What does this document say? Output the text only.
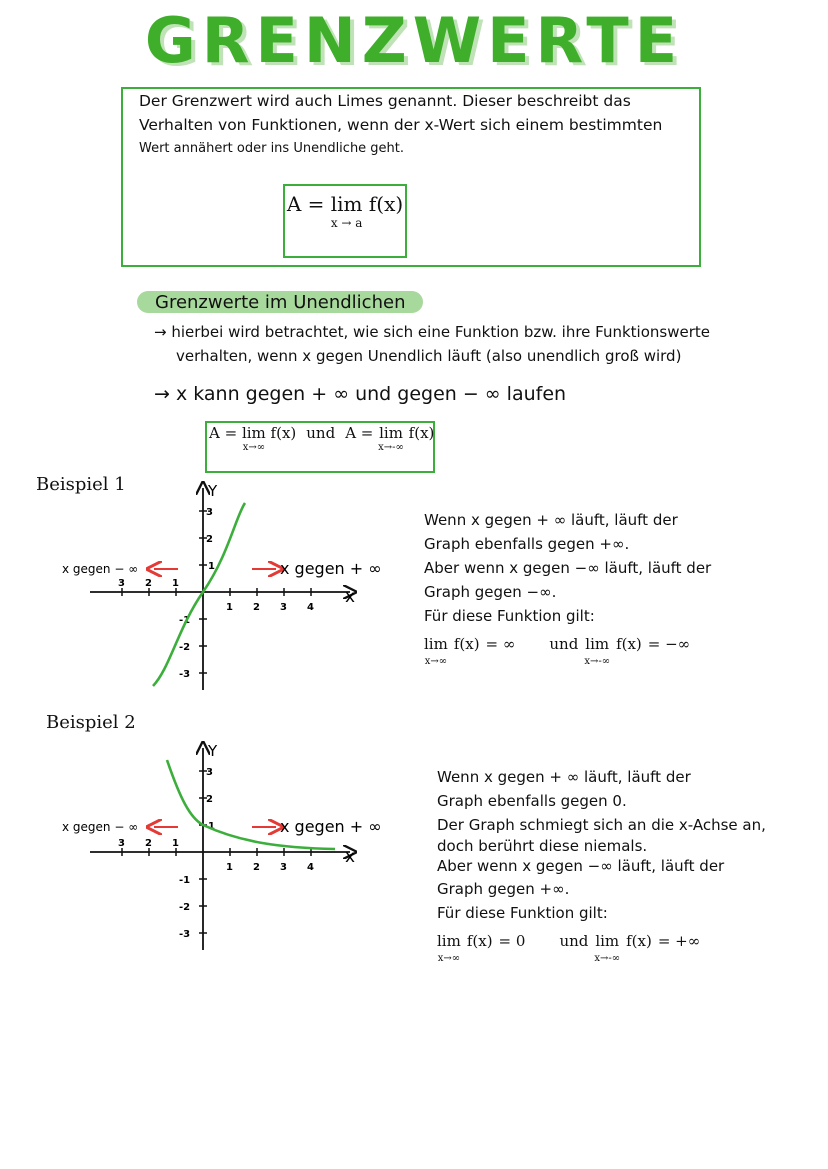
GRENZWERTE
Der Grenzwert wird auch Limes genannt. Dieser beschreibt das
Verhalten von Funktionen, wenn der x-Wert sich einem bestimmten
Wert annähert oder ins Unendliche geht.
A = lim
x → a
f(x)
Grenzwerte im Unendlichen
→ hierbei wird betrachtet, wie sich eine Funktion bzw. ihre Funktionswerte
verhalten, wenn x gegen Unendlich läuft (also unendlich groß wird)
→ x kann gegen + ∞ und gegen − ∞ laufen
A = lim
x→∞
f(x) und A = lim
x→-∞
f(x)
Beispiel 1	Y
x
3 2 1
1 2 3 4
3
2
1
-1
-2
-3
x gegen − ∞	x gegen + ∞
Wenn x gegen + ∞ läuft, läuft der
Graph ebenfalls gegen +∞.
Aber wenn x gegen −∞ läuft, läuft der
Graph gegen −∞.
Für diese Funktion gilt:
lim
x→∞
f(x) = ∞ und lim
x→-∞
f(x) = −∞
Beispiel 2
Y
x
3 2 1
1 2 3 4
3
2
1
-1
-2
-3
x gegen − ∞	x gegen + ∞
Wenn x gegen + ∞ läuft, läuft der
Graph ebenfalls gegen 0.
Der Graph schmiegt sich an die x-Achse an,
doch berührt diese niemals.
Aber wenn x gegen −∞ läuft, läuft der
Graph gegen +∞.
Für diese Funktion gilt:
lim
x→∞
f(x) = 0 und lim
x→-∞
f(x) = +∞
